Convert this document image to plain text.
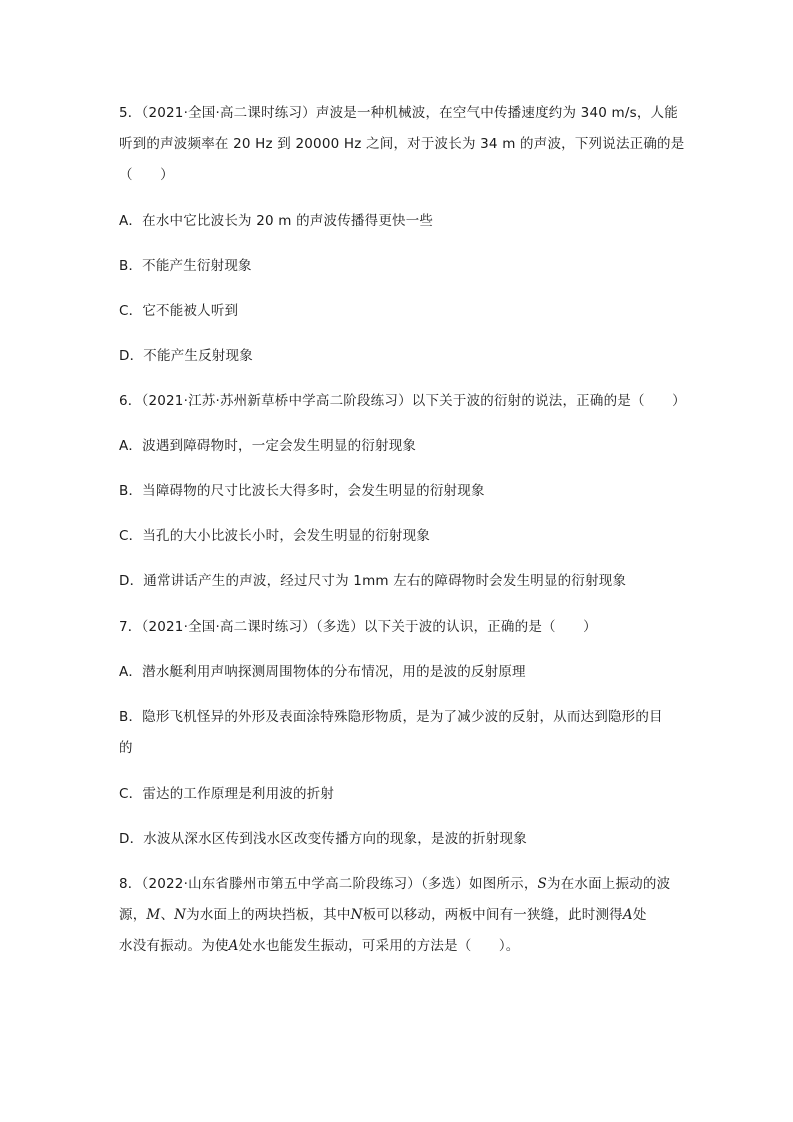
5．（2021·全国·高二课时练习）声波是一种机械波，在空气中传播速度约为 340 m/s，人能
听到的声波频率在 20 Hz 到 20000 Hz 之间，对于波长为 34 m 的声波，下列说法正确的是
（　　）
A．在水中它比波长为 20 m 的声波传播得更快一些
B．不能产生衍射现象
C．它不能被人听到
D．不能产生反射现象
6．（2021·江苏·苏州新草桥中学高二阶段练习）以下关于波的衍射的说法，正确的是（　　）
A．波遇到障碍物时，一定会发生明显的衍射现象
B．当障碍物的尺寸比波长大得多时，会发生明显的衍射现象
C．当孔的大小比波长小时，会发生明显的衍射现象
D．通常讲话产生的声波，经过尺寸为 1mm 左右的障碍物时会发生明显的衍射现象
7．（2021·全国·高二课时练习）（多选）以下关于波的认识，正确的是（　　）
A．潜水艇利用声呐探测周围物体的分布情况，用的是波的反射原理
B．隐形飞机怪异的外形及表面涂特殊隐形物质，是为了减少波的反射，从而达到隐形的目
的
C．雷达的工作原理是利用波的折射
D．水波从深水区传到浅水区改变传播方向的现象，是波的折射现象
8．（2022·山东省滕州市第五中学高二阶段练习）（多选）如图所示，S为在水面上振动的波
源，M、N为水面上的两块挡板，其中N板可以移动，两板中间有一狭缝，此时测得A处
水没有振动。为使A处水也能发生振动，可采用的方法是（　　）。
